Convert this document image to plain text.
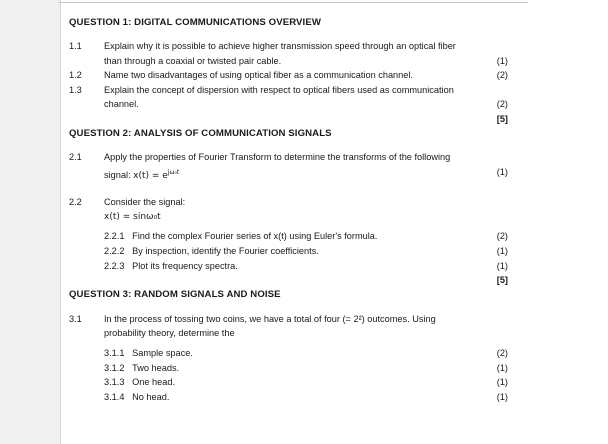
QUESTION 1: DIGITAL COMMUNICATIONS OVERVIEW
1.1 Explain why it is possible to achieve higher transmission speed through an optical fiber
than through a coaxial or twisted pair cable.	(1)
1.2 Name two disadvantages of using optical fiber as a communication channel.	(2)
1.3 Explain the concept of dispersion with respect to optical fibers used as communication
channel.	(2)
[5]
QUESTION 2: ANALYSIS OF COMMUNICATION SIGNALS
2.1 Apply the properties of Fourier Transform to determine the transforms of the following
signal: $x(t) = e^{j\omega_0t}$	(1)
2.2 Consider the signal:
x(t) = sinω₀t
2.2.1 Find the complex Fourier series of x(t) using Euler's formula.	(2)
2.2.2 By inspection, identify the Fourier coefficients.	(1)
2.2.3 Plot its frequency spectra.	(1)
[5]
QUESTION 3: RANDOM SIGNALS AND NOISE
3.1 In the process of tossing two coins, we have a total of four (= 2²) outcomes. Using
probability theory, determine the
3.1.1 Sample space.	(2)
3.1.2 Two heads.	(1)
3.1.3 One head.	(1)
3.1.4 No head.	(1)
